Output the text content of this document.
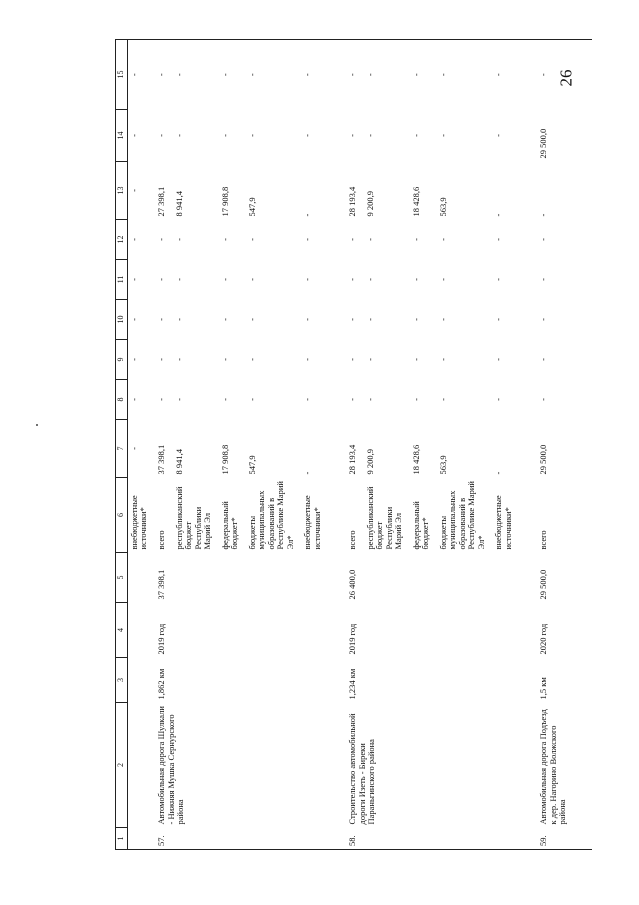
26
1	2	3	4	5	6	7	8	9	10	11	12	13	14	15
					внебюджетные источники*	-	-	-	-	-	-	-	-	-
57.	Автомобильная дорога Шулкали - Нижняя Мушка Сернурского района	1,862 км	2019 год	37 398,1	всего	37 398,1	-	-	-	-	-	27 398,1	-	-
					республиканский бюджет Республики Марий Эл	8 941,4	-	-	-	-	-	8 941,4	-	-
					федеральный бюджет*	17 908,8	-	-	-	-	-	17 908,8	-	-
					бюджеты муниципальных образований в Республике Марий Эл*	547,9	-	-	-	-	-	547,9	-	-
					внебюджетные источники*	-	-	-	-	-	-	-	-	-

58.	Строительство автомобильной дороги Изеть - Биреки Параньгинского района	1,234 км	2019 год	26 400,0	всего	28 193,4	-	-	-	-	-	28 193,4	-	-
					республиканский бюджет Республики Марий Эл	9 200,9	-	-	-	-	-	9 200,9	-	-
					федеральный бюджет*	18 428,6	-	-	-	-	-	18 428,6	-	-
					бюджеты муниципальных образований в Республике Марий Эл*	563,9	-	-	-	-	-	563,9	-	-
					внебюджетные источники*	-	-	-	-	-	-	-	-	-

59.	Автомобильная дорога Подъезд к дер. Нагорино Волжского района	1,5 км	2020 год	29 500,0	всего	29 500,0	-	-	-	-	-	-	29 500,0	-
